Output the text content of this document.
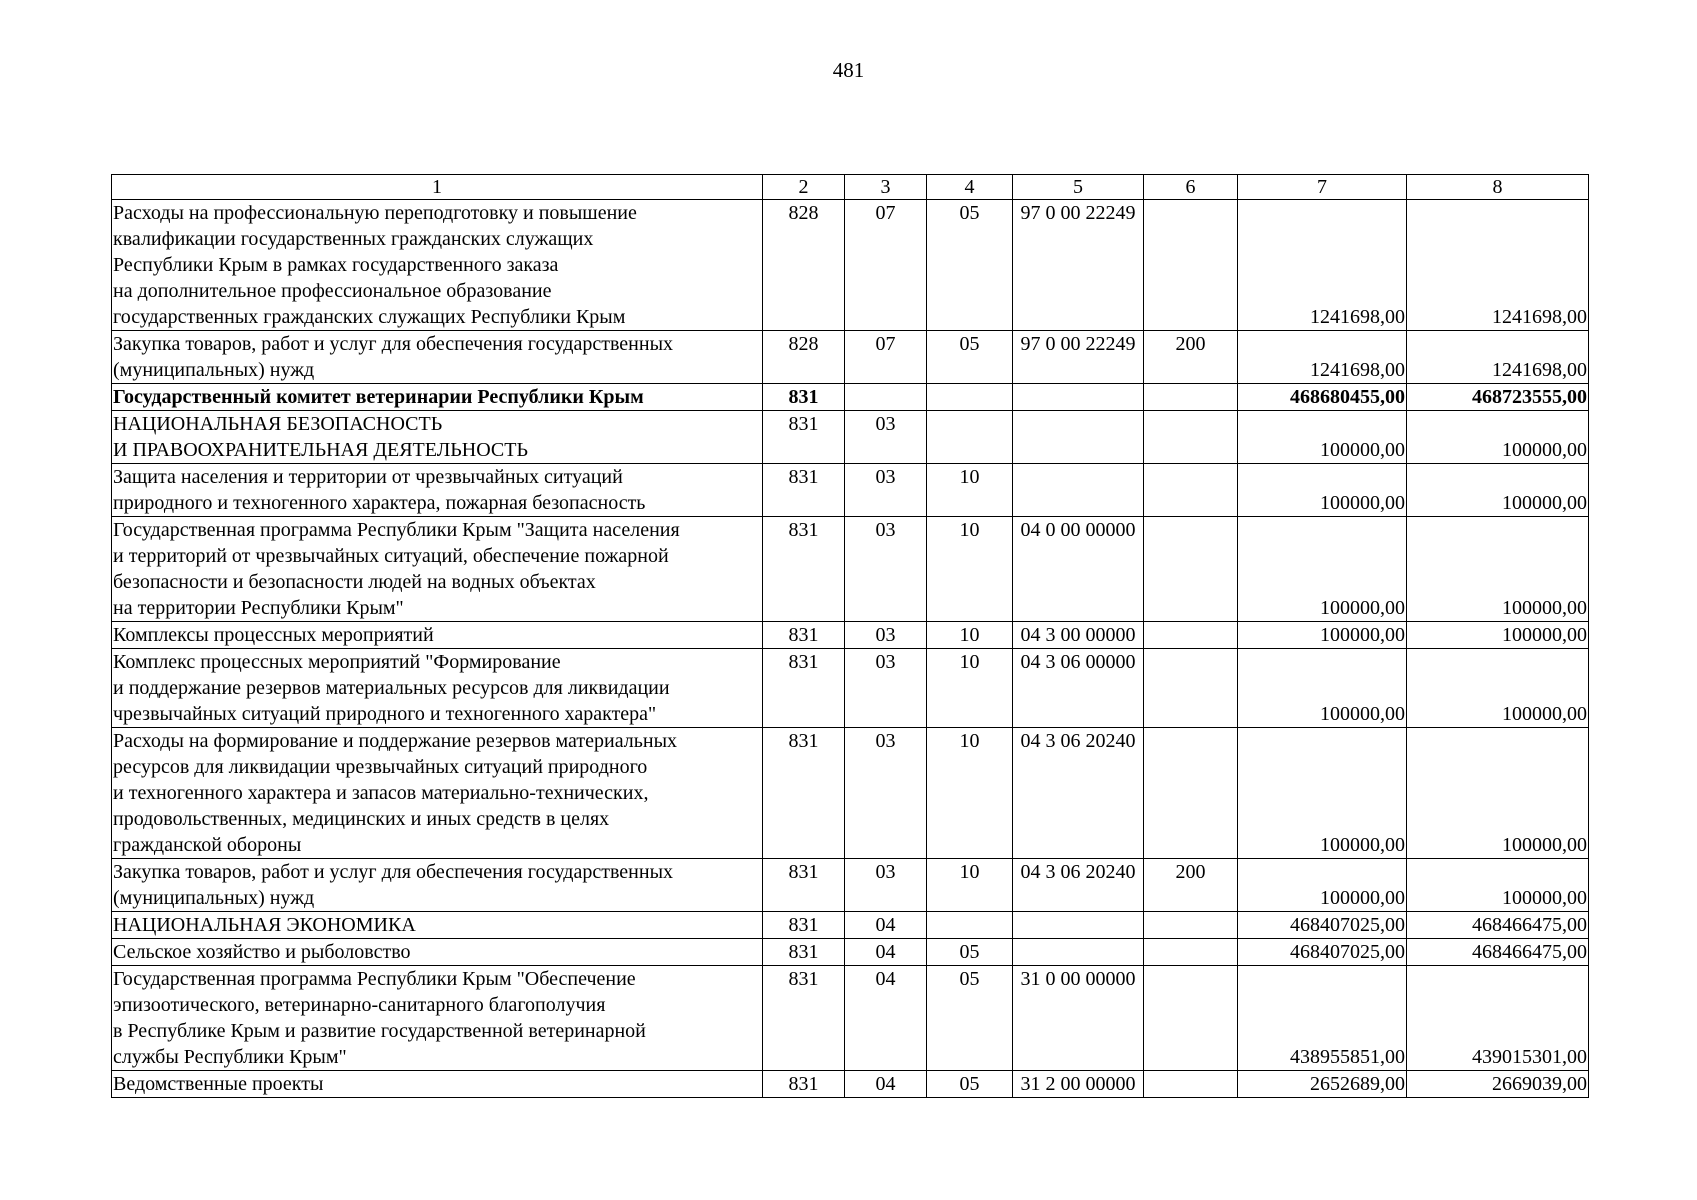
481
1	2	3	4	5	6	7	8
Расходы на профессиональную переподготовку и повышение
квалификации государственных гражданских служащих
Республики Крым в рамках государственного заказа
на дополнительное профессиональное образование
государственных гражданских служащих Республики Крым	828	07	05	97 0 00 22249		1241698,00	1241698,00
Закупка товаров, работ и услуг для обеспечения государственных
(муниципальных) нужд	828	07	05	97 0 00 22249	200	1241698,00	1241698,00
Государственный комитет ветеринарии Республики Крым	831					468680455,00	468723555,00
НАЦИОНАЛЬНАЯ БЕЗОПАСНОСТЬ
И ПРАВООХРАНИТЕЛЬНАЯ ДЕЯТЕЛЬНОСТЬ	831	03				100000,00	100000,00
Защита населения и территории от чрезвычайных ситуаций
природного и техногенного характера, пожарная безопасность	831	03	10			100000,00	100000,00
Государственная программа Республики Крым "Защита населения
и территорий от чрезвычайных ситуаций, обеспечение пожарной
безопасности и безопасности людей на водных объектах
на территории Республики Крым"	831	03	10	04 0 00 00000		100000,00	100000,00
Комплексы процессных мероприятий	831	03	10	04 3 00 00000		100000,00	100000,00
Комплекс процессных мероприятий "Формирование
и поддержание резервов материальных ресурсов для ликвидации
чрезвычайных ситуаций природного и техногенного характера"	831	03	10	04 3 06 00000		100000,00	100000,00
Расходы на формирование и поддержание резервов материальных
ресурсов для ликвидации чрезвычайных ситуаций природного
и техногенного характера и запасов материально-технических,
продовольственных, медицинских и иных средств в целях
гражданской обороны	831	03	10	04 3 06 20240		100000,00	100000,00
Закупка товаров, работ и услуг для обеспечения государственных
(муниципальных) нужд	831	03	10	04 3 06 20240	200	100000,00	100000,00
НАЦИОНАЛЬНАЯ ЭКОНОМИКА	831	04				468407025,00	468466475,00
Сельское хозяйство и рыболовство	831	04	05			468407025,00	468466475,00
Государственная программа Республики Крым "Обеспечение
эпизоотического, ветеринарно-санитарного благополучия
в Республике Крым и развитие государственной ветеринарной
службы Республики Крым"	831	04	05	31 0 00 00000		438955851,00	439015301,00
Ведомственные проекты	831	04	05	31 2 00 00000		2652689,00	2669039,00
